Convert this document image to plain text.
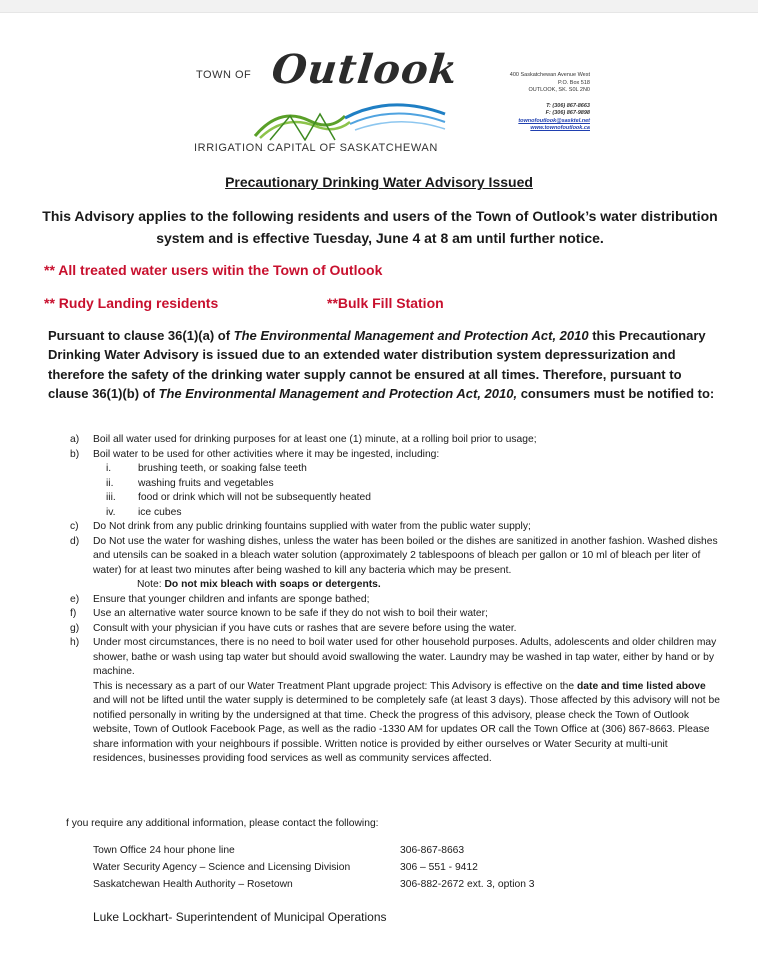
TOWN OF Outlook
IRRIGATION CAPITAL OF SASKATCHEWAN
400 Saskatchewan Avenue West
P.O. Box 518
OUTLOOK, SK. S0L 2N0
T: (306) 867-8663
F: (306) 867-9898
townofoutlook@sasktel.net
www.townofoutlook.ca
Precautionary Drinking Water Advisory Issued
This Advisory applies to the following residents and users of the Town of Outlook’s water distribution system and is effective Tuesday, June 4 at 8 am until further notice.
** All treated water users witin the Town of Outlook
** Rudy Landing residents	**Bulk Fill Station
Pursuant to clause 36(1)(a) of The Environmental Management and Protection Act, 2010 this Precautionary Drinking Water Advisory is issued due to an extended water distribution system depressurization and therefore the safety of the drinking water supply cannot be ensured at all times. Therefore, pursuant to clause 36(1)(b) of The Environmental Management and Protection Act, 2010, consumers must be notified to:
a) Boil all water used for drinking purposes for at least one (1) minute, at a rolling boil prior to usage;
b) Boil water to be used for other activities where it may be ingested, including:
i.	brushing teeth, or soaking false teeth
ii.	washing fruits and vegetables
iii.	food or drink which will not be subsequently heated
iv.	ice cubes
c) Do Not drink from any public drinking fountains supplied with water from the public water supply;
d) Do Not use the water for washing dishes, unless the water has been boiled or the dishes are sanitized in another fashion. Washed dishes and utensils can be soaked in a bleach water solution (approximately 2 tablespoons of bleach per gallon or 10 ml of bleach per liter of water) for at least two minutes after being washed to kill any bacteria which may be present.
Note: Do not mix bleach with soaps or detergents.
e) Ensure that younger children and infants are sponge bathed;
f) Use an alternative water source known to be safe if they do not wish to boil their water;
g) Consult with your physician if you have cuts or rashes that are severe before using the water.
h) Under most circumstances, there is no need to boil water used for other household purposes. Adults, adolescents and older children may shower, bathe or wash using tap water but should avoid swallowing the water. Laundry may be washed in tap water, either by hand or by machine.
This is necessary as a part of our Water Treatment Plant upgrade project: This Advisory is effective on the date and time listed above and will not be lifted until the water supply is determined to be completely safe (at least 3 days). Those affected by this advisory will not be notified personally in writing by the undersigned at that time. Check the progress of this advisory, please check the Town of Outlook website, Town of Outlook Facebook Page, as well as the radio -1330 AM for updates OR call the Town Office at (306) 867-8663. Please share information with your neighbours if possible. Written notice is provided by either ourselves or Water Security at multi-unit residences, businesses providing food services as well as community services affected.
f you require any additional information, please contact the following:
Town Office 24 hour phone line	306-867-8663
Water Security Agency – Science and Licensing Division	306 – 551 - 9412
Saskatchewan Health Authority – Rosetown	306-882-2672 ext. 3, option 3
Luke Lockhart- Superintendent of Municipal Operations
